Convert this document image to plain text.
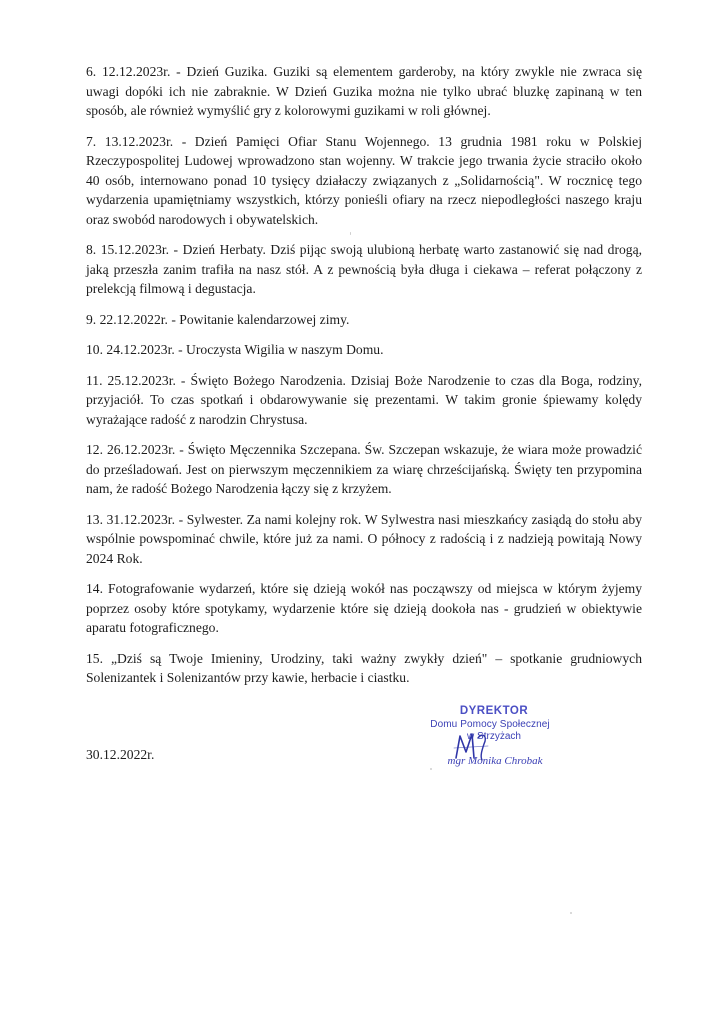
6. 12.12.2023r. - Dzień Guzika. Guziki są elementem garderoby, na który zwykle nie zwraca się uwagi dopóki ich nie zabraknie. W Dzień Guzika można nie tylko ubrać bluzkę zapinaną w ten sposób, ale również wymyślić gry z kolorowymi guzikami w roli głównej.

7. 13.12.2023r. - Dzień Pamięci Ofiar Stanu Wojennego. 13 grudnia 1981 roku w Polskiej Rzeczypospolitej Ludowej wprowadzono stan wojenny. W trakcie jego trwania życie straciło około 40 osób, internowano ponad 10 tysięcy działaczy związanych z „Solidarnością". W rocznicę tego wydarzenia upamiętniamy wszystkich, którzy ponieśli ofiary na rzecz niepodległości naszego kraju oraz swobód narodowych i obywatelskich.

8. 15.12.2023r. - Dzień Herbaty. Dziś pijąc swoją ulubioną herbatę warto zastanowić się nad drogą, jaką przeszła zanim trafiła na nasz stół. A z pewnością była długa i ciekawa – referat połączony z prelekcją filmową i degustacja.

9. 22.12.2022r. - Powitanie kalendarzowej zimy.

10. 24.12.2023r. - Uroczysta Wigilia w naszym Domu.

11. 25.12.2023r. - Święto Bożego Narodzenia. Dzisiaj Boże Narodzenie to czas dla Boga, rodziny, przyjaciół. To czas spotkań i obdarowywanie się prezentami. W takim gronie śpiewamy kolędy wyrażające radość z narodzin Chrystusa.

12. 26.12.2023r. - Święto Męczennika Szczepana. Św. Szczepan wskazuje, że wiara może prowadzić do prześladowań. Jest on pierwszym męczennikiem za wiarę chrześcijańską. Święty ten przypomina nam, że radość Bożego Narodzenia łączy się z krzyżem.

13. 31.12.2023r. - Sylwester. Za nami kolejny rok. W Sylwestra nasi mieszkańcy zasiądą do stołu aby wspólnie powspominać chwile, które już za nami. O północy z radością i z nadzieją powitają Nowy 2024 Rok.

14. Fotografowanie wydarzeń, które się dzieją wokół nas począwszy od miejsca w którym żyjemy poprzez osoby które spotykamy, wydarzenie które się dzieją dookoła nas - grudzień w obiektywie aparatu fotograficznego.

15. „Dziś są Twoje Imieniny, Urodziny, taki ważny zwykły dzień" – spotkanie grudniowych Solenizantek i Solenizantów przy kawie, herbacie i ciastku.

30.12.2022r.
DYREKTOR
Domu Pomocy Społecznej
w Strzyżach
mgr Monika Chrobak
